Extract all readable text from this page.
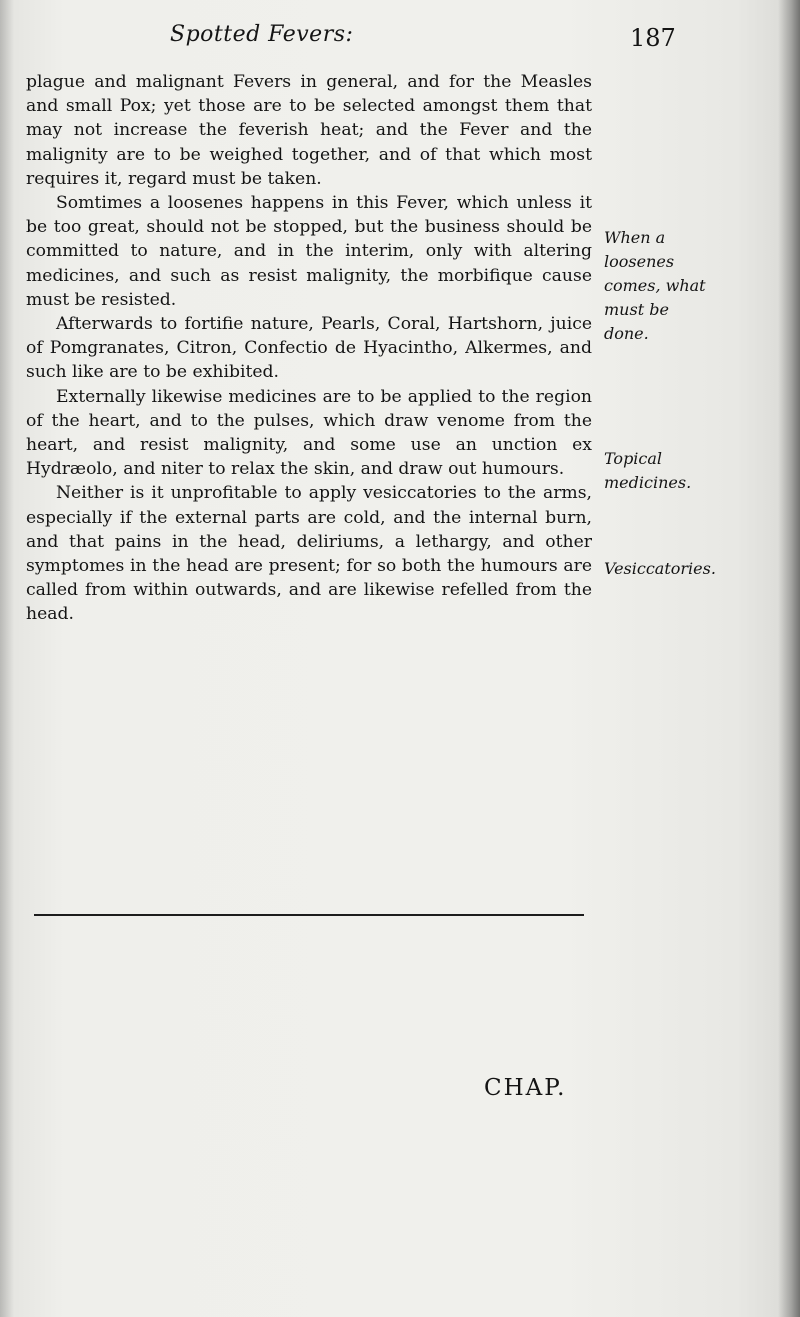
Spotted Fevers:	187

plague and malignant Fevers in general, and for the Measles and small Pox; yet those are to be selected amongst them that may not increase the feverish heat; and the Fever and the malignity are to be weighed together, and of that which most requires it, regard must be taken.

Somtimes a loosenes happens in this Fever, which unless it be too great, should not be stopped, but the business should be committed to nature, and in the interim, only with altering medicines, and such as resist malignity, the morbifique cause must be resisted.

Afterwards to fortifie nature, Pearls, Coral, Hartshorn, juice of Pomgranates, Citron, Confectio de Hyacintho, Alkermes, and such like are to be exhibited.

Externally likewise medicines are to be applied to the region of the heart, and to the pulses, which draw venome from the heart, and resist malignity, and some use an unction ex Hydræolo, and niter to relax the skin, and draw out humours.

Neither is it unprofitable to apply vesiccatories to the arms, especially if the external parts are cold, and the internal burn, and that pains in the head, deliriums, a lethargy, and other symptomes in the head are present; for so both the humours are called from within outwards, and are likewise refelled from the head.

When a loosenes comes, what must be done.
Topical medicines.
Vesiccatories.
CHAP.
